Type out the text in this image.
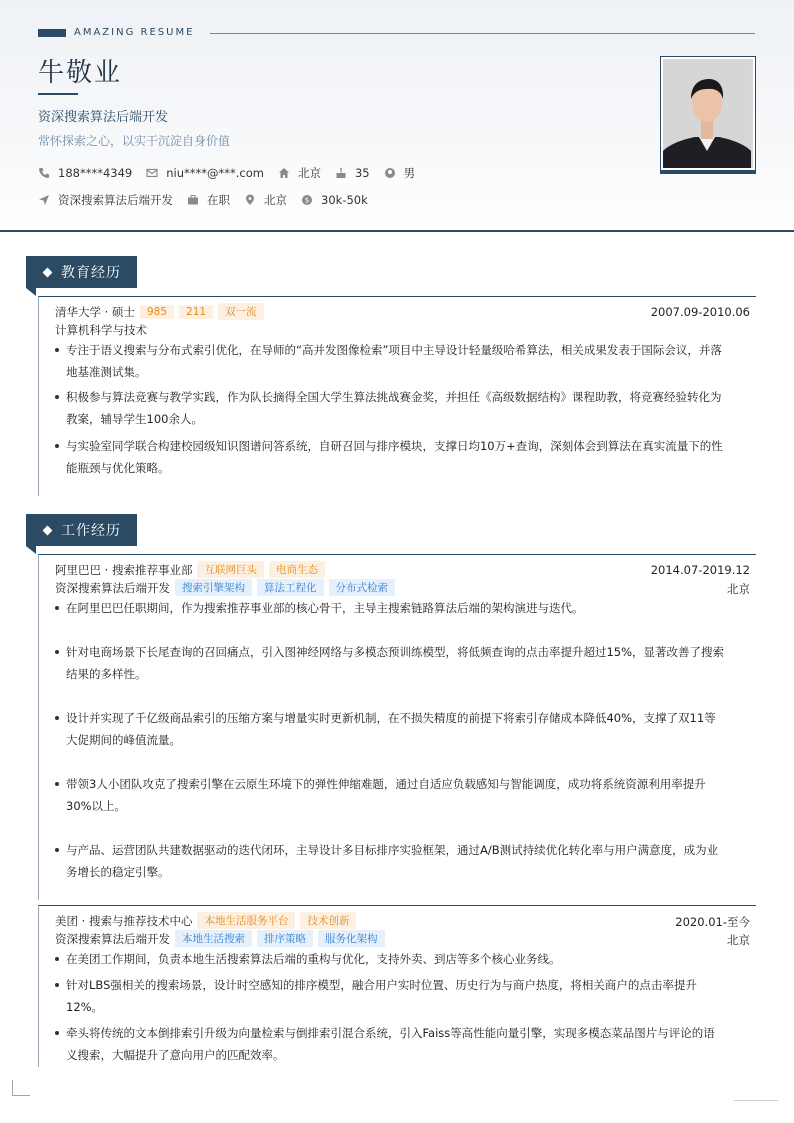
AMAZING RESUME
牛敬业
资深搜索算法后端开发
常怀探索之心，以实干沉淀自身价值
188****4349	niu****@***.com	北京	35	男
资深搜索算法后端开发	在职	北京	$ 30k-50k
教育经历
清华大学 · 硕士	985	211	双一流	2007.09-2010.06
计算机科学与技术
专注于语义搜索与分布式索引优化，在导师的“高并发图像检索”项目中主导设计轻量级哈希算法，相关成果发表于国际会议，并落
地基准测试集。
积极参与算法竞赛与教学实践，作为队长摘得全国大学生算法挑战赛金奖，并担任《高级数据结构》课程助教，将竞赛经验转化为
教案，辅导学生100余人。
与实验室同学联合构建校园级知识图谱问答系统，自研召回与排序模块，支撑日均10万+查询，深刻体会到算法在真实流量下的性
能瓶颈与优化策略。
工作经历
阿里巴巴 · 搜索推荐事业部	互联网巨头	电商生态	2014.07-2019.12
资深搜索算法后端开发	搜索引擎架构	算法工程化	分布式检索	北京
在阿里巴巴任职期间，作为搜索推荐事业部的核心骨干，主导主搜索链路算法后端的架构演进与迭代。
针对电商场景下长尾查询的召回痛点，引入图神经网络与多模态预训练模型，将低频查询的点击率提升超过15%，显著改善了搜索
结果的多样性。
设计并实现了千亿级商品索引的压缩方案与增量实时更新机制，在不损失精度的前提下将索引存储成本降低40%，支撑了双11等
大促期间的峰值流量。
带领3人小团队攻克了搜索引擎在云原生环境下的弹性伸缩难题，通过自适应负载感知与智能调度，成功将系统资源利用率提升
30%以上。
与产品、运营团队共建数据驱动的迭代闭环，主导设计多目标排序实验框架，通过A/B测试持续优化转化率与用户满意度，成为业
务增长的稳定引擎。
美团 · 搜索与推荐技术中心	本地生活服务平台	技术创新	2020.01-至今
资深搜索算法后端开发	本地生活搜索	排序策略	服务化架构	北京
在美团工作期间，负责本地生活搜索算法后端的重构与优化，支持外卖、到店等多个核心业务线。
针对LBS强相关的搜索场景，设计时空感知的排序模型，融合用户实时位置、历史行为与商户热度，将相关商户的点击率提升
12%。
牵头将传统的文本倒排索引升级为向量检索与倒排索引混合系统，引入Faiss等高性能向量引擎，实现多模态菜品图片与评论的语
义搜索，大幅提升了意向用户的匹配效率。
